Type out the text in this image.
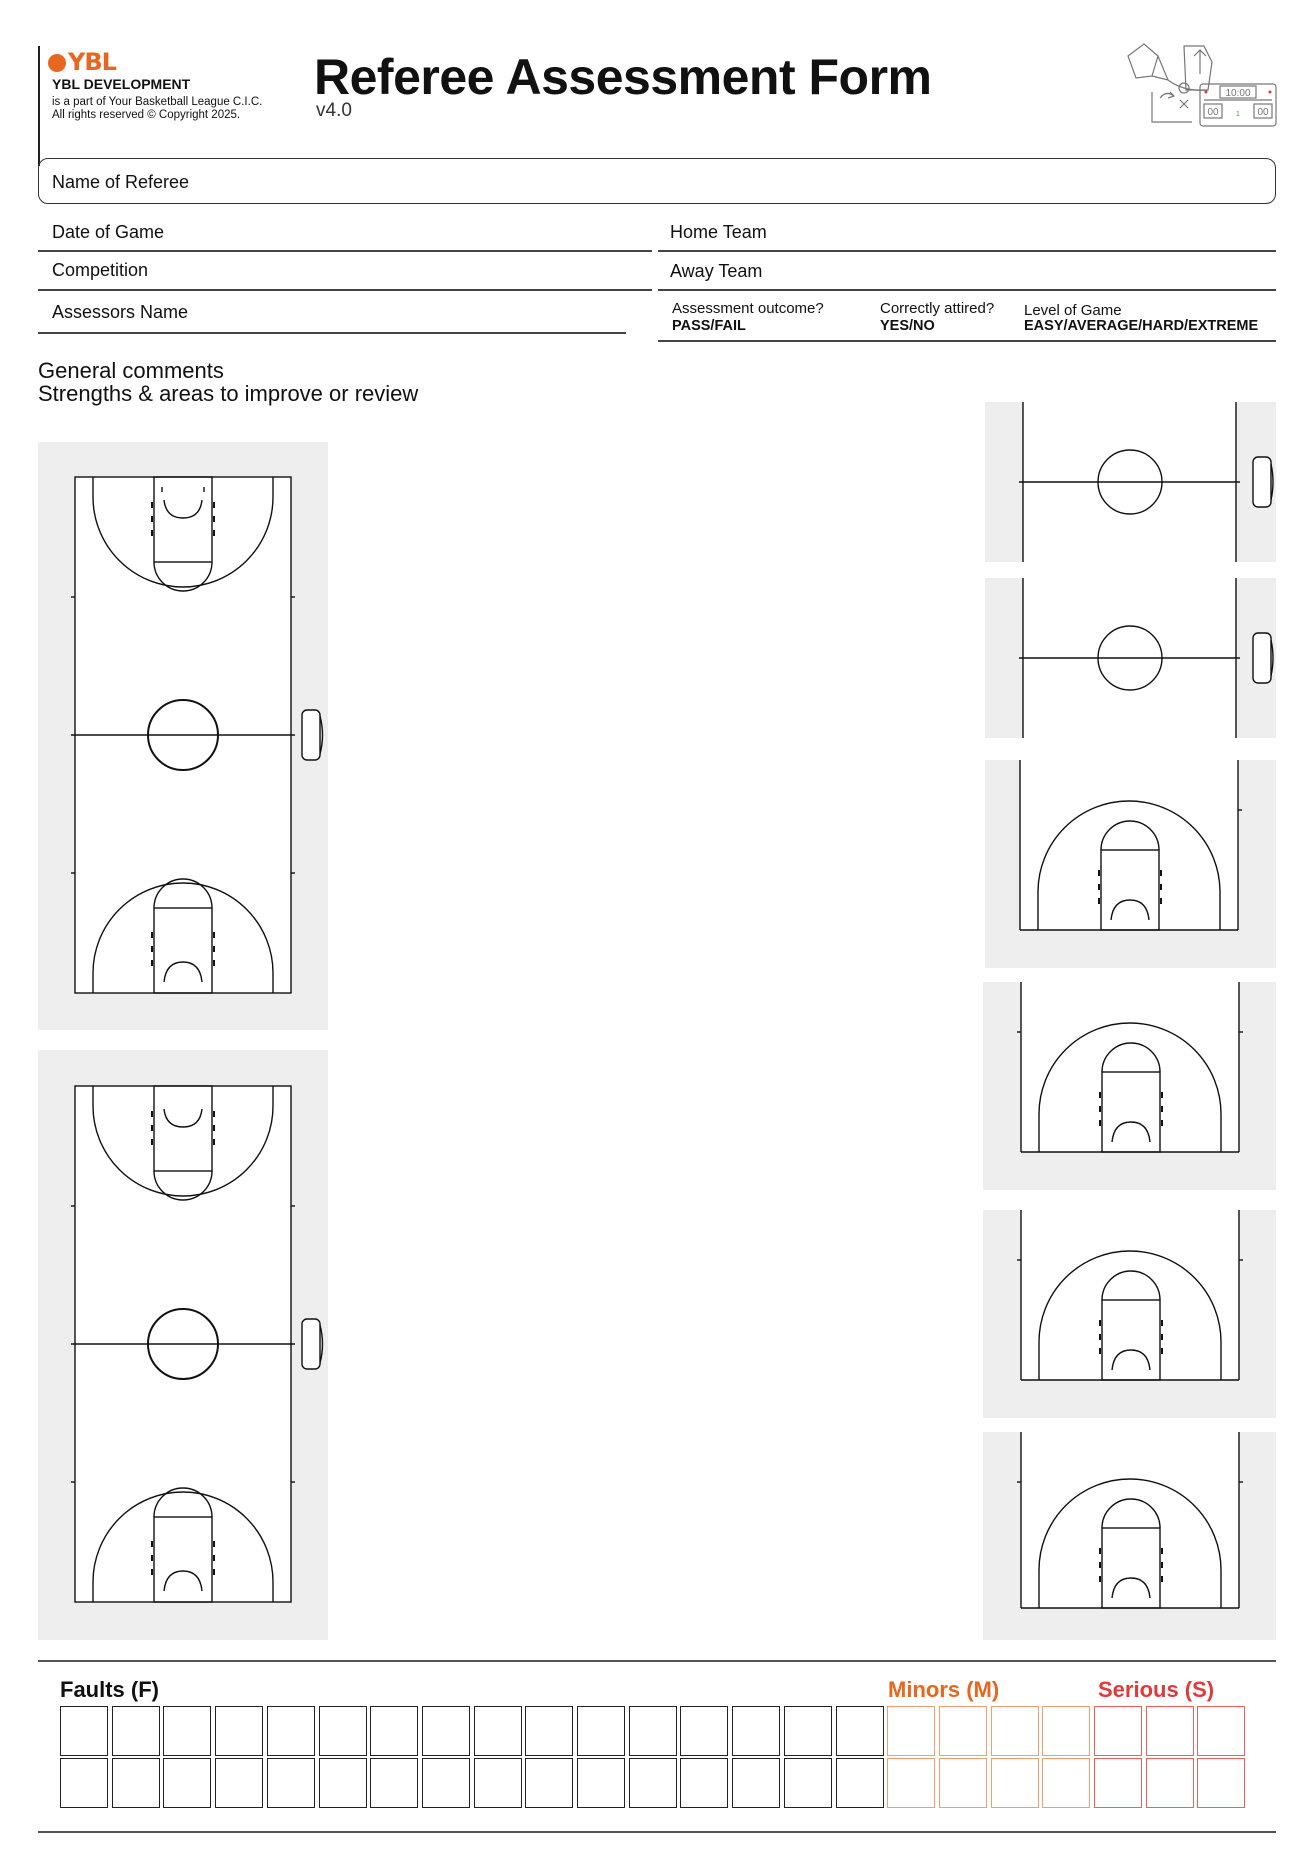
YBL
YBL DEVELOPMENT
is a part of Your Basketball League C.I.C.
All rights reserved © Copyright 2025.
Referee Assessment Form
v4.0
10:00
00	00
1
Name of Referee
Date of Game	Home Team
Competition	Away Team
Assessors Name	Assessment outcome?
PASS/FAIL
Correctly attired?
YES/NO
Level of Game
EASY/AVERAGE/HARD/EXTREME
General comments
Strengths & areas to improve or review
Faults (F)	Minors (M)	Serious (S)
